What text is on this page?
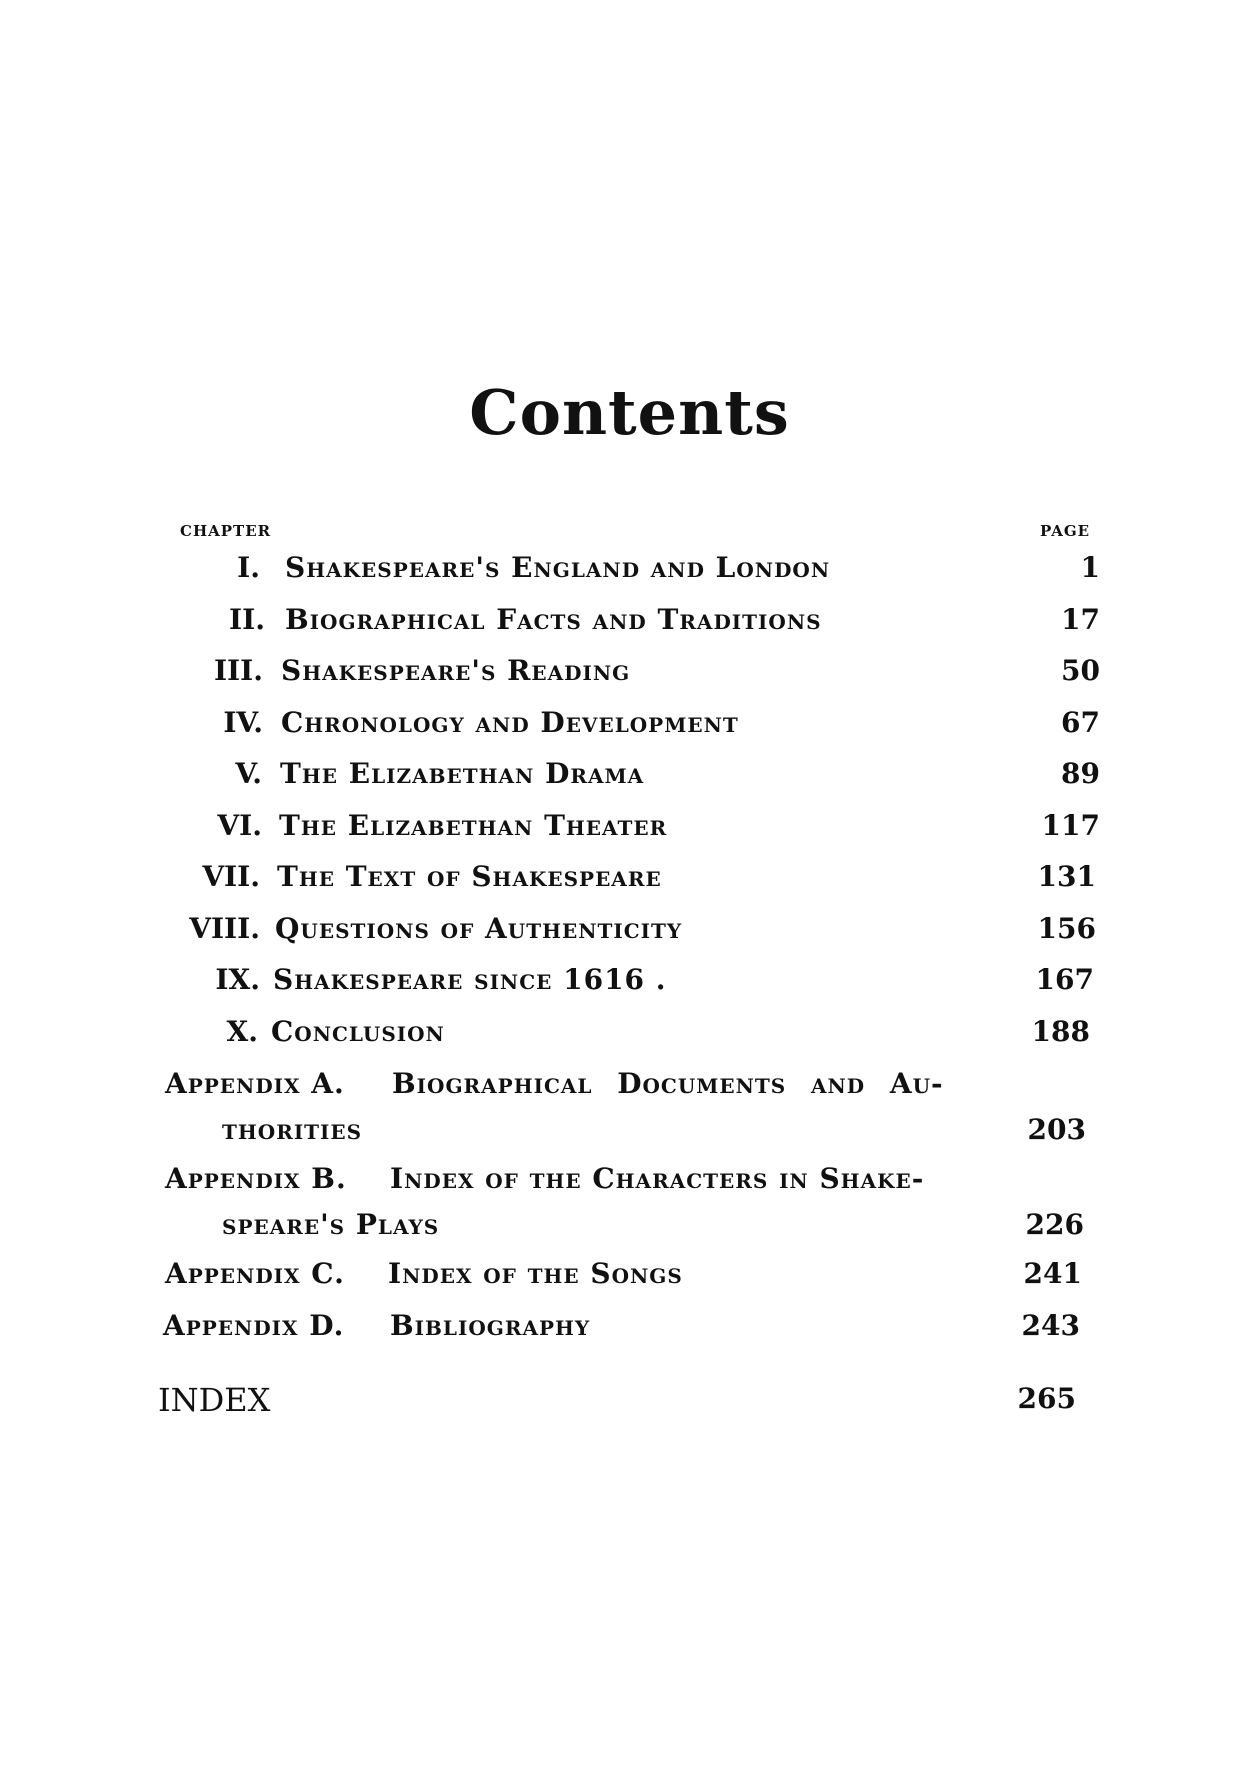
Contents
CHAPTER	PAGE
I. Shakespeare's England and London	1
II. Biographical Facts and Traditions	17
III. Shakespeare's Reading	50
IV. Chronology and Development	67
V. The Elizabethan Drama	89
VI. The Elizabethan Theater	117
VII. The Text of Shakespeare	131
VIII. Questions of Authenticity	156
IX. Shakespeare since 1616 .	167
X. Conclusion	188
Appendix A. Biographical Documents and Au-
thorities	203
Appendix B. Index of the Characters in Shake-
speare's Plays	226
Appendix C. Index of the Songs	241
Appendix D. Bibliography	243
INDEX	265
